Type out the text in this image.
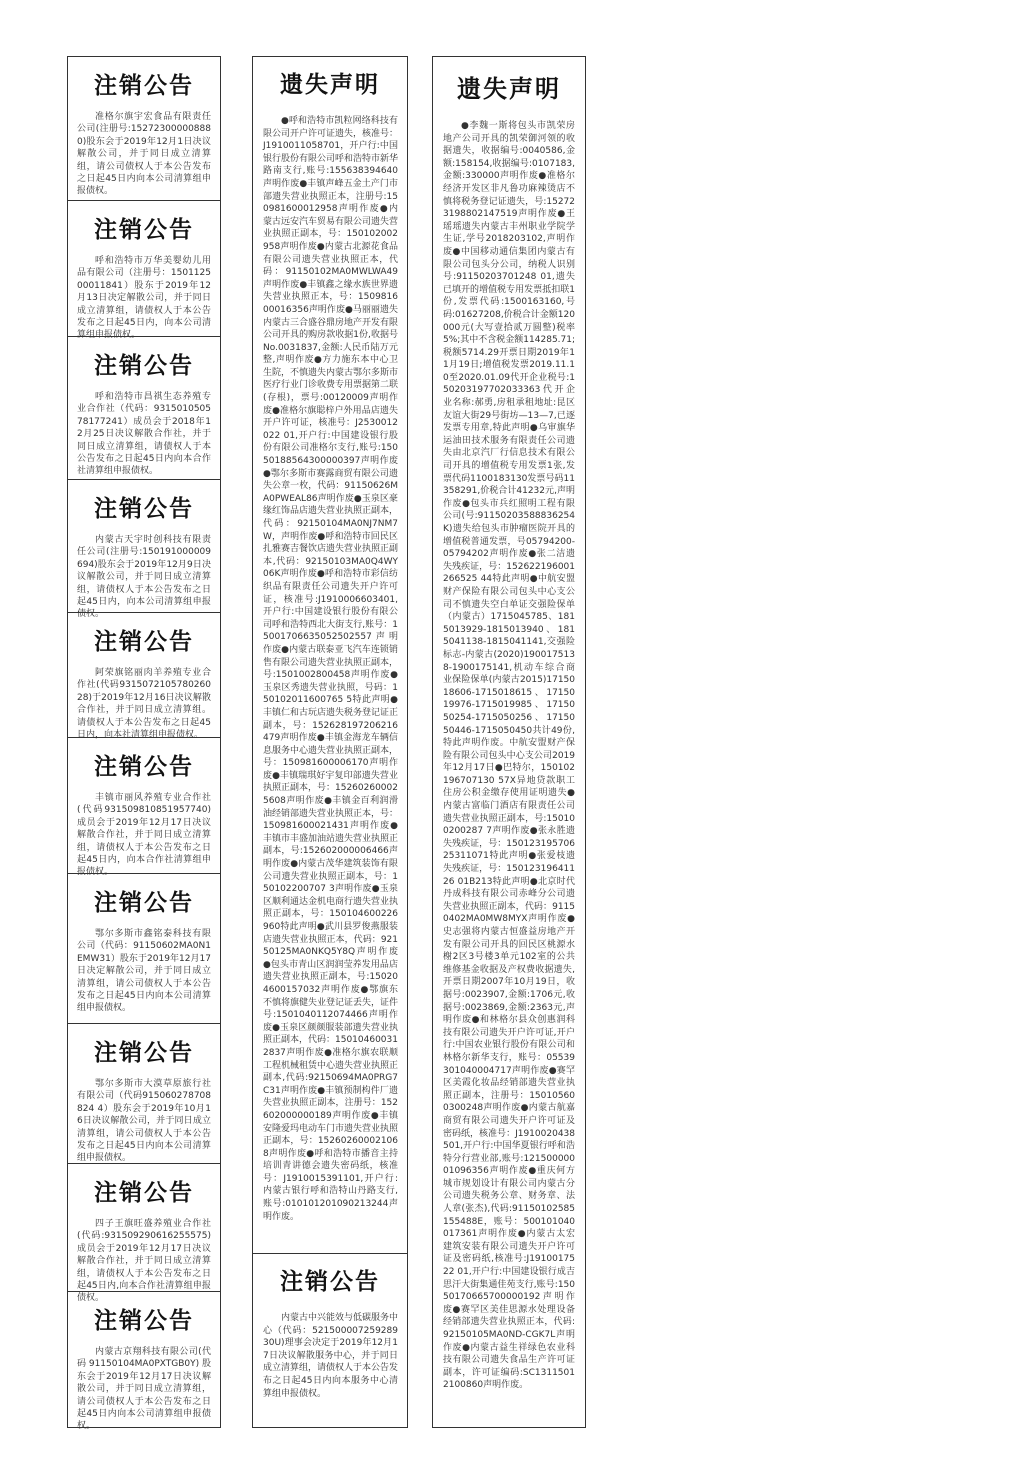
注销公告
准格尔旗宇宏食品有限责任公司(注册号:152723000008880)股东会于2019年12月1日决议解散公司，并于同日成立清算组，请公司债权人于本公告发布之日起45日内向本公司清算组申报债权。
注销公告
呼和浩特市万华美婴幼儿用品有限公司（注册号：150112500011841）股东于2019年12月13日决定解散公司，并于同日成立清算组，请债权人于本公告发布之日起45日内，向本公司清算组申报债权。
注销公告
呼和浩特市昌祺生态养殖专业合作社（代码：931501050578177241）成员会于2018年12月25日决议解散合作社，并于同日成立清算组，请债权人于本公告发布之日起45日内向本合作社清算组申报债权。
注销公告
内蒙古天宇时创科技有限责任公司(注册号:150191000009694)股东会于2019年12月9日决议解散公司，并于同日成立清算组，请债权人于本公告发布之日起45日内，向本公司清算组申报债权。
注销公告
阿荣旗铭丽肉羊养殖专业合作社(代码931507210578026028)于2019年12月16日决议解散合作社，并于同日成立清算组。请债权人于本公告发布之日起45日内，向本社清算组申报债权。
注销公告
丰镇市丽风养殖专业合作社(代码931509810851957740)成员会于2019年12月17日决议解散合作社，并于同日成立清算组，请债权人于本公告发布之日起45日内，向本合作社清算组申报债权。
注销公告
鄂尔多斯市鑫铭泰科技有限公司（代码：91150602MA0N1EMW31）股东于2019年12月17日决定解散公司，并于同日成立清算组，请公司债权人于本公告发布之日起45日内向本公司清算组申报债权。
注销公告
鄂尔多斯市大漠草原旅行社有限公司（代码915060278708824 4）股东会于2019年10月16日决议解散公司，并于同日成立清算组，请公司债权人于本公告发布之日起45日内向本公司清算组申报债权。
注销公告
四子王旗旺盛养殖业合作社(代码:931509290616255575)成员会于2019年12月17日决议解散合作社，并于同日成立清算组，请债权人于本公告发布之日起45日内,向本合作社清算组申报债权。
注销公告
内蒙古京翔科技有限公司(代码91150104MA0PXTGB0Y)股东会于2019年12月17日决议解散公司，并于同日成立清算组，请公司债权人于本公告发布之日起45日内向本公司清算组申报债权。
遗失声明
●呼和浩特市凯粒网络科技有限公司开户许可证遗失，核准号：J1910011058701，开户行:中国银行股份有限公司呼和浩特市新华路南支行,账号:155638394640声明作废●丰镇声峰五金土产门市部遗失营业执照正本，注册号:150981600012958声明作废●内蒙古远安汽车贸易有限公司遗失营业执照正副本，号：150102002958声明作废●内蒙古北源花食品有限公司遗失营业执照正本，代码：91150102MA0MWLWA49声明作废●丰镇鑫之缘水族世界遗失营业执照正本，号：150981600016356声明作废●马丽丽遗失内蒙古三合盛谷鼎房地产开发有限公司开具的购房款收据1份,收据号No.0031837,金额:人民币陆万元整,声明作废●方力施东本中心卫生院，不慎遗失内蒙古鄂尔多斯市医疗行业门诊收费专用票据第二联(存根)，票号:00120009声明作废●准格尔旗聪梓户外用品店遗失开户许可证，核准号：J2530012022 01,开户行:中国建设银行股份有限公司准格尔支行,账号:15050188564300000397声明作废●鄂尔多斯市赛露商贸有限公司遗失公章一枚，代码：91150626MA0PWEAL86声明作废●玉泉区豪缘红饰品店遗失营业执照正副本，代码：92150104MA0NJ7NM7W，声明作废●呼和浩特市回民区扎雅赛吉餐饮店遗失营业执照正副本,代码：92150103MA0Q4WY06K声明作废●呼和浩特市彩信纺织品有限责任公司遗失开户许可证，核准号:J1910006603401,开户行:中国建设银行股份有限公司呼和浩特西北大街支行,账号：15001706635052502557声明作废●内蒙古联泰亚飞汽车连锁销售有限公司遗失营业执照正副本，号:1501002800458声明作废●玉泉区秀遗失营业执照，号码：150102011600765 5特此声明●丰镇仁和古玩店遗失税务登记证正副本，号：152628197206216479声明作废●丰镇金海龙车辆信息服务中心遗失营业执照正副本，号：150981600006170声明作废●丰镇瑞琪好宇复印部遗失营业执照正副本，号：152602600025608声明作废●丰镇金百利润滑油经销部遗失营业执照正本，号：150981600021431声明作废●丰镇市丰盛加油站遗失营业执照正副本，号:152602000006466声明作废●内蒙古茂华建筑装饰有限公司遗失营业执照正副本，号：150102200707 3声明作废●玉泉区顺利通达金机电商行遗失营业执照正副本，号：150104600226960特此声明●武川县罗俊燕服装店遗失营业执照正本，代码：92150125MA0NKQ5Y8Q声明作废●包头市青山区润润莹养发用品店遗失营业执照正副本，号:150204600157032声明作废●鄂旗东不慎将旗健失业登记证丢失，证件号:1501040112074466声明作废●玉泉区颜颜服装部遗失营业执照正副本，代码：150104600312837声明作废●准格尔旗农联顺工程机械租赁中心遗失营业执照正副本,代码:92150694MA0PRG7C31声明作废●丰镇预制构件厂遗失营业执照正副本，注册号：152602000000189声明作废●丰镇安隆爱玛电动车门市遗失营业执照正副本，号：152602600021068声明作废●呼和浩特市播音主持培训青讲德会遗失密码纸，核准号：J1910015391101,开户行:内蒙古银行呼和浩特山丹路支行,账号:010101201090213244声明作废。
注销公告
内蒙古中兴能效与低碳服务中心（代码：52150000725928930U)理事会决定于2019年12月17日决议解散服务中心，并于同日成立清算组，请债权人于本公告发布之日起45日内向本服务中心清算组申报债权。
遗失声明
●李魏一斯将包头市凯荣房地产公司开具的凯荣御河领的收据遗失，收据编号:0040586,金额:158154,收据编号:0107183,金额:330000声明作废●准格尔经济开发区非凡鲁功麻辣烫店不慎将税务登记证遗失，号:152723198802147519声明作废●王瑶瑶遗失内蒙古丰州职业学院学生证,学号2018203102,声明作废●中国移动通信集团内蒙古有限公司包头分公司，纳税人识别号:91150203701248 01,遗失已填开的增值税专用发票抵扣联1份,发票代码:1500163160,号码:01627208,价税合计金额120000元(大写壹拾贰万圆整)税率5%;其中不含税金额114285.71;税额5714.29开票日期2019年11月19日;增值税发票2019.11.10至2020.01.09代开企业税号:150203197702033363代开企业名称:郝勇,房租承租地址:昆区友谊大街29号街坊—13—7,已逐发票专用章,特此声明●乌审旗华运油田技术服务有限责任公司遗失由北京汽厂行信息技术有限公司开具的增值税专用发票1张,发票代码1100183130发票号码11358291,价税合计41232元,声明作废●包头市兵红照明工程有限公司(号:91150203588836254K)遗失给包头市肿瘤医院开具的增值税普通发票，号05794200-05794202声明作废●张二洁遗失残疾证，号：152622196001266525 44特此声明●中航安盟财产保险有限公司包头中心支公司不慎遗失空白单证交强险保单（内蒙古）1715045785、1815013929-1815013940、1815041138-1815041141,交强险标志-内蒙古(2020)1900175138-1900175141,机动车综合商业保险保单(内蒙古2015)1715018606-1715018615、1715019976-1715019985、1715050254-1715050256、1715050446-1715050450共计49份,特此声明作废。中航安盟财产保险有限公司包头中心支公司2019年12月17日●巴特尔，150102196707130 57X异地贷款职工住房公积金缴存使用证明遗失●内蒙古富临门酒店有限责任公司遗失营业执照正副本，号:150100200287 7声明作废●张永胜遗失残疾证，号：15012319570625311071特此声明●张爱枝遗失残疾证，号：15012319641126 01B213特此声明●北京时代丹成科技有限公司赤峰分公司遗失营业执照正副本，代码：91150402MA0MW8MYX声明作废●史志强将内蒙古恒盛益房地产开发有限公司开具的回民区桃源水榭2区3号楼3单元102室的公共维修基金收据及产权费收据遗失,开票日期2007年10月19日，收据号:0023907,金额:1706元,收据号:0023869,金额:2363元,声明作废●和林格尔县众创惠润科技有限公司遗失开户许可证,开户行:中国农业银行股份有限公司和林格尔新华支行，账号：05539301040004717声明作废●赛罕区美霞化妆品经销部遗失营业执照正副本，注册号：150105600300248声明作废●内蒙古航嘉商贸有限公司遗失开户许可证及密码纸，核准号：J1910020438501,开户行:中国华夏银行呼和浩特分行营业部,账号:12150000001096356声明作废●重庆何方城市规划设计有限公司内蒙古分公司遗失税务公章、财务章、法人章(张杰),代码:91150102585155488E，账号：500101040017361声明作废●内蒙古太宏建筑安装有限公司遗失开户许可证及密码纸,核准号:J1910017522 01,开户行:中国建设银行成吉思汗大街集通佳苑支行,账号:15050170665700000192声明作废●赛罕区美佳思源水处理设备经销部遗失营业执照正本，代码:92150105MA0ND-CGK7L声明作废●内蒙古益生祥绿色农业科技有限公司遗失食品生产许可证副本，许可证编码:SC13115012100860声明作废。
